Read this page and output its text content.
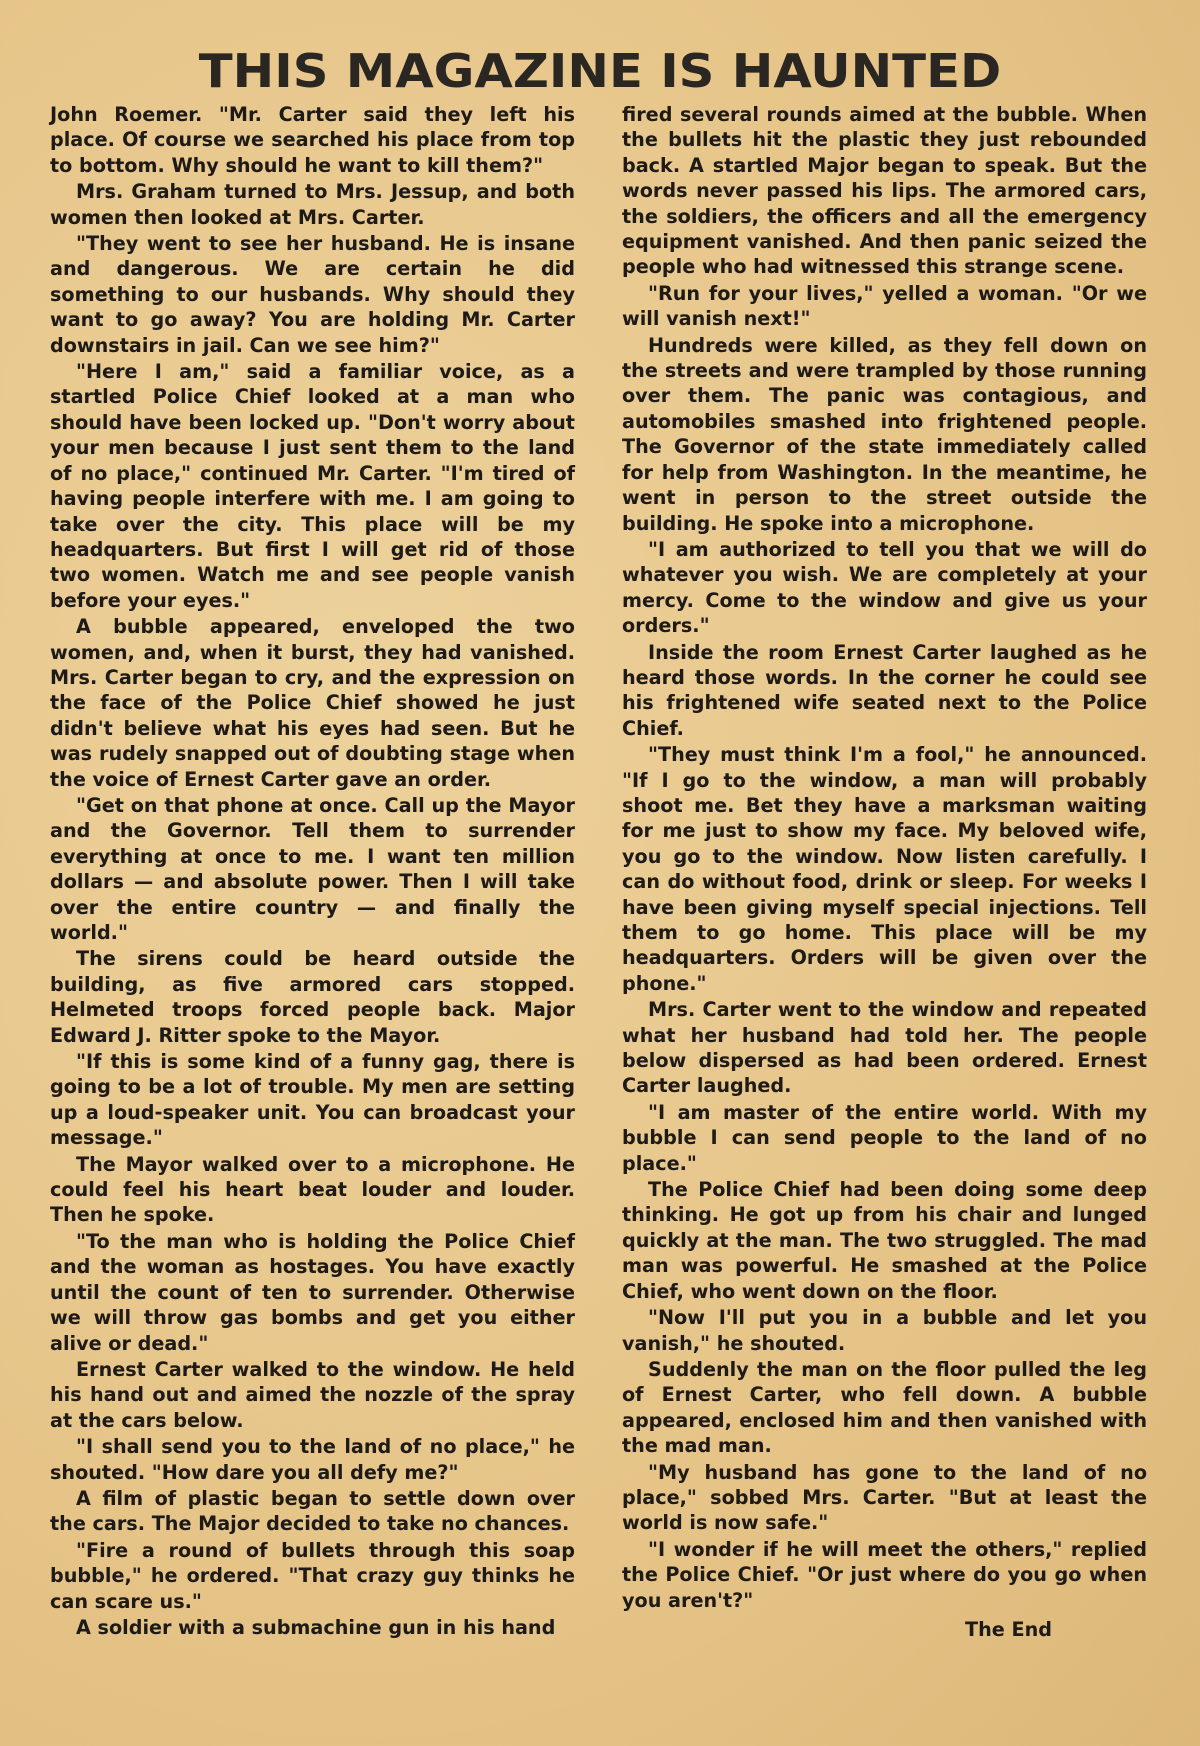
THIS MAGAZINE IS HAUNTED

John Roemer. "Mr. Carter said they left his place. Of course we searched his place from top to bottom. Why should he want to kill them?"

Mrs. Graham turned to Mrs. Jessup, and both women then looked at Mrs. Carter.

"They went to see her husband. He is insane and dangerous. We are certain he did something to our husbands. Why should they want to go away? You are holding Mr. Carter downstairs in jail. Can we see him?"

"Here I am," said a familiar voice, as a startled Police Chief looked at a man who should have been locked up. "Don't worry about your men because I just sent them to the land of no place," continued Mr. Carter. "I'm tired of having people interfere with me. I am going to take over the city. This place will be my headquarters. But first I will get rid of those two women. Watch me and see people vanish before your eyes."

A bubble appeared, enveloped the two women, and, when it burst, they had vanished. Mrs. Carter began to cry, and the expression on the face of the Police Chief showed he just didn't believe what his eyes had seen. But he was rudely snapped out of doubting stage when the voice of Ernest Carter gave an order.

"Get on that phone at once. Call up the Mayor and the Governor. Tell them to surrender everything at once to me. I want ten million dollars — and absolute power. Then I will take over the entire country — and finally the world."

The sirens could be heard outside the building, as five armored cars stopped. Helmeted troops forced people back. Major Edward J. Ritter spoke to the Mayor.

"If this is some kind of a funny gag, there is going to be a lot of trouble. My men are setting up a loud-speaker unit. You can broadcast your message."

The Mayor walked over to a microphone. He could feel his heart beat louder and louder. Then he spoke.

"To the man who is holding the Police Chief and the woman as hostages. You have exactly until the count of ten to surrender. Otherwise we will throw gas bombs and get you either alive or dead."

Ernest Carter walked to the window. He held his hand out and aimed the nozzle of the spray at the cars below.

"I shall send you to the land of no place," he shouted. "How dare you all defy me?"

A film of plastic began to settle down over the cars. The Major decided to take no chances.

"Fire a round of bullets through this soap bubble," he ordered. "That crazy guy thinks he can scare us."

A soldier with a submachine gun in his hand

fired several rounds aimed at the bubble. When the bullets hit the plastic they just rebounded back. A startled Major began to speak. But the words never passed his lips. The armored cars, the soldiers, the officers and all the emergency equipment vanished. And then panic seized the people who had witnessed this strange scene.

"Run for your lives," yelled a woman. "Or we will vanish next!"

Hundreds were killed, as they fell down on the streets and were trampled by those running over them. The panic was contagious, and automobiles smashed into frightened people. The Governor of the state immediately called for help from Washington. In the meantime, he went in person to the street outside the building. He spoke into a microphone.

"I am authorized to tell you that we will do whatever you wish. We are completely at your mercy. Come to the window and give us your orders."

Inside the room Ernest Carter laughed as he heard those words. In the corner he could see his frightened wife seated next to the Police Chief.

"They must think I'm a fool," he announced. "If I go to the window, a man will probably shoot me. Bet they have a marksman waiting for me just to show my face. My beloved wife, you go to the window. Now listen carefully. I can do without food, drink or sleep. For weeks I have been giving myself special injections. Tell them to go home. This place will be my headquarters. Orders will be given over the phone."

Mrs. Carter went to the window and repeated what her husband had told her. The people below dispersed as had been ordered. Ernest Carter laughed.

"I am master of the entire world. With my bubble I can send people to the land of no place."

The Police Chief had been doing some deep thinking. He got up from his chair and lunged quickly at the man. The two struggled. The mad man was powerful. He smashed at the Police Chief, who went down on the floor.

"Now I'll put you in a bubble and let you vanish," he shouted.

Suddenly the man on the floor pulled the leg of Ernest Carter, who fell down. A bubble appeared, enclosed him and then vanished with the mad man.

"My husband has gone to the land of no place," sobbed Mrs. Carter. "But at least the world is now safe."

"I wonder if he will meet the others," replied the Police Chief. "Or just where do you go when you aren't?"

The End
